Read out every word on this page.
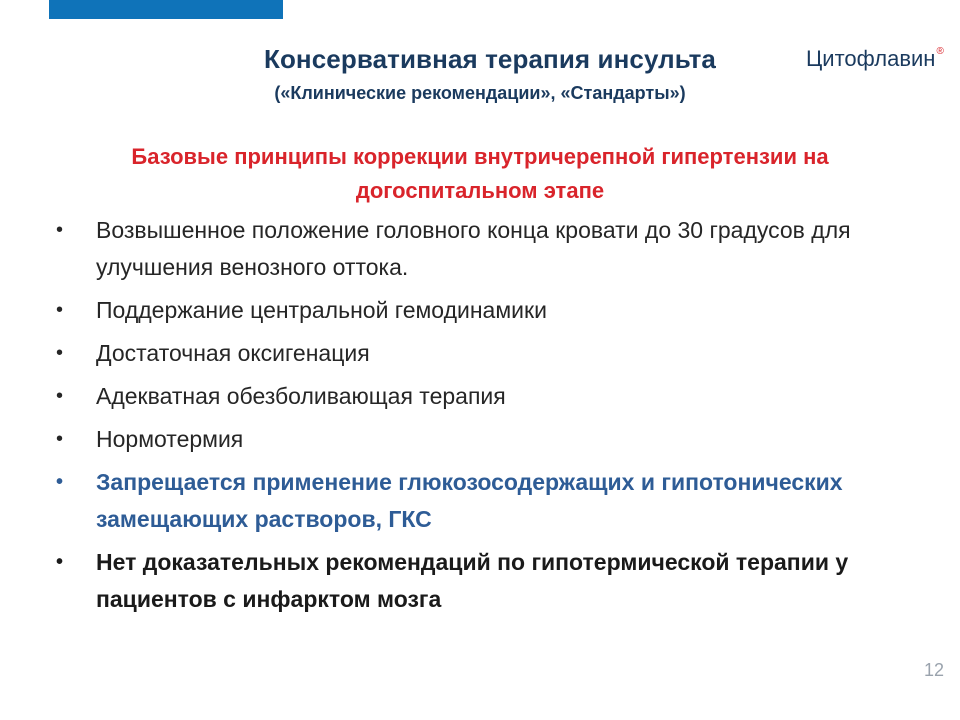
Консервативная терапия инсульта
(«Клинические рекомендации», «Стандарты»)
Цитофлавин®
Базовые принципы коррекции внутричерепной гипертензии на догоспитальном этапе
• Возвышенное положение головного конца кровати до 30 градусов для улучшения венозного оттока.
• Поддержание центральной гемодинамики
• Достаточная оксигенация
• Адекватная обезболивающая терапия
• Нормотермия
• Запрещается применение глюкозосодержащих и гипотонических замещающих растворов, ГКС
• Нет доказательных рекомендаций по гипотермической терапии у пациентов с инфарктом мозга
12
